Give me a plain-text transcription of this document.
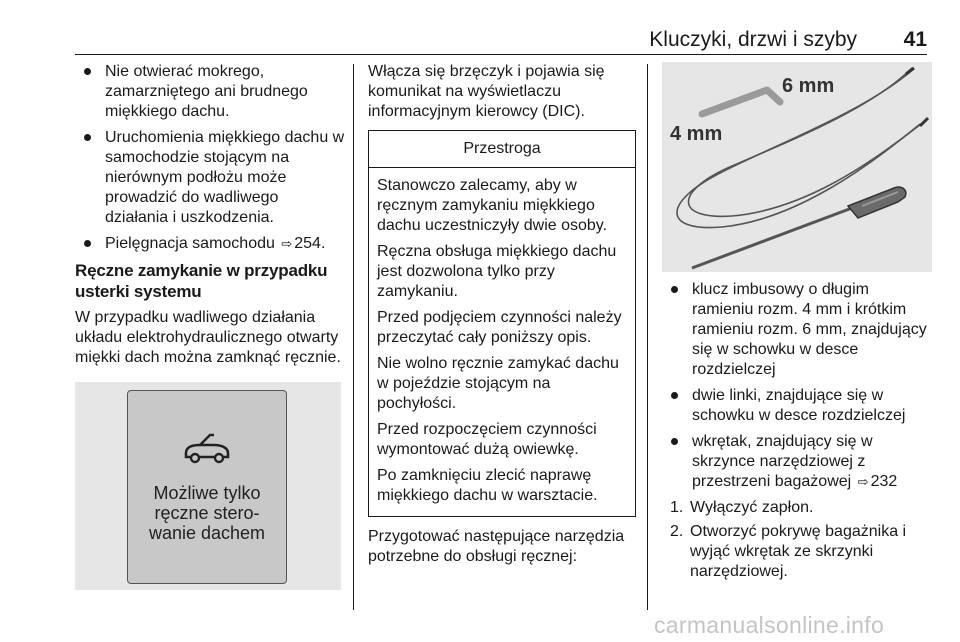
Kluczyki, drzwi i szyby 41
Nie otwierać mokrego, zamarzniętego ani brudnego miękkiego dachu.
Uruchomienia miękkiego dachu w samochodzie stojącym na nierównym podłożu może prowadzić do wadliwego działania i uszkodzenia.
Pielęgnacja samochodu ⇨ 254.
Ręczne zamykanie w przypadku usterki systemu

W przypadku wadliwego działania układu elektrohydraulicznego otwarty miękki dach można zamknąć ręcznie.

Możliwe tylko
ręczne stero-
wanie dachem

Włącza się brzęczyk i pojawia się komunikat na wyświetlaczu informacyjnym kierowcy (DIC).

Przestroga

Stanowczo zalecamy, aby w ręcznym zamykaniu miękkiego dachu uczestniczyły dwie osoby.

Ręczna obsługa miękkiego dachu jest dozwolona tylko przy zamykaniu.

Przed podjęciem czynności należy przeczytać cały poniższy opis.

Nie wolno ręcznie zamykać dachu w pojeździe stojącym na pochyłości.

Przed rozpoczęciem czynności wymontować dużą owiewkę.

Po zamknięciu zlecić naprawę miękkiego dachu w warsztacie.

Przygotować następujące narzędzia potrzebne do obsługi ręcznej:

6 mm
4 mm
klucz imbusowy o długim ramieniu rozm. 4 mm i krótkim ramieniu rozm. 6 mm, znajdujący się w schowku w desce rozdzielczej
dwie linki, znajdujące się w schowku w desce rozdzielczej
wkrętak, znajdujący się w skrzynce narzędziowej z przestrzeni bagażowej ⇨ 232
1. Wyłączyć zapłon.
2. Otworzyć pokrywę bagażnika i wyjąć wkrętak ze skrzynki narzędziowej.
carmanualsonline.info
